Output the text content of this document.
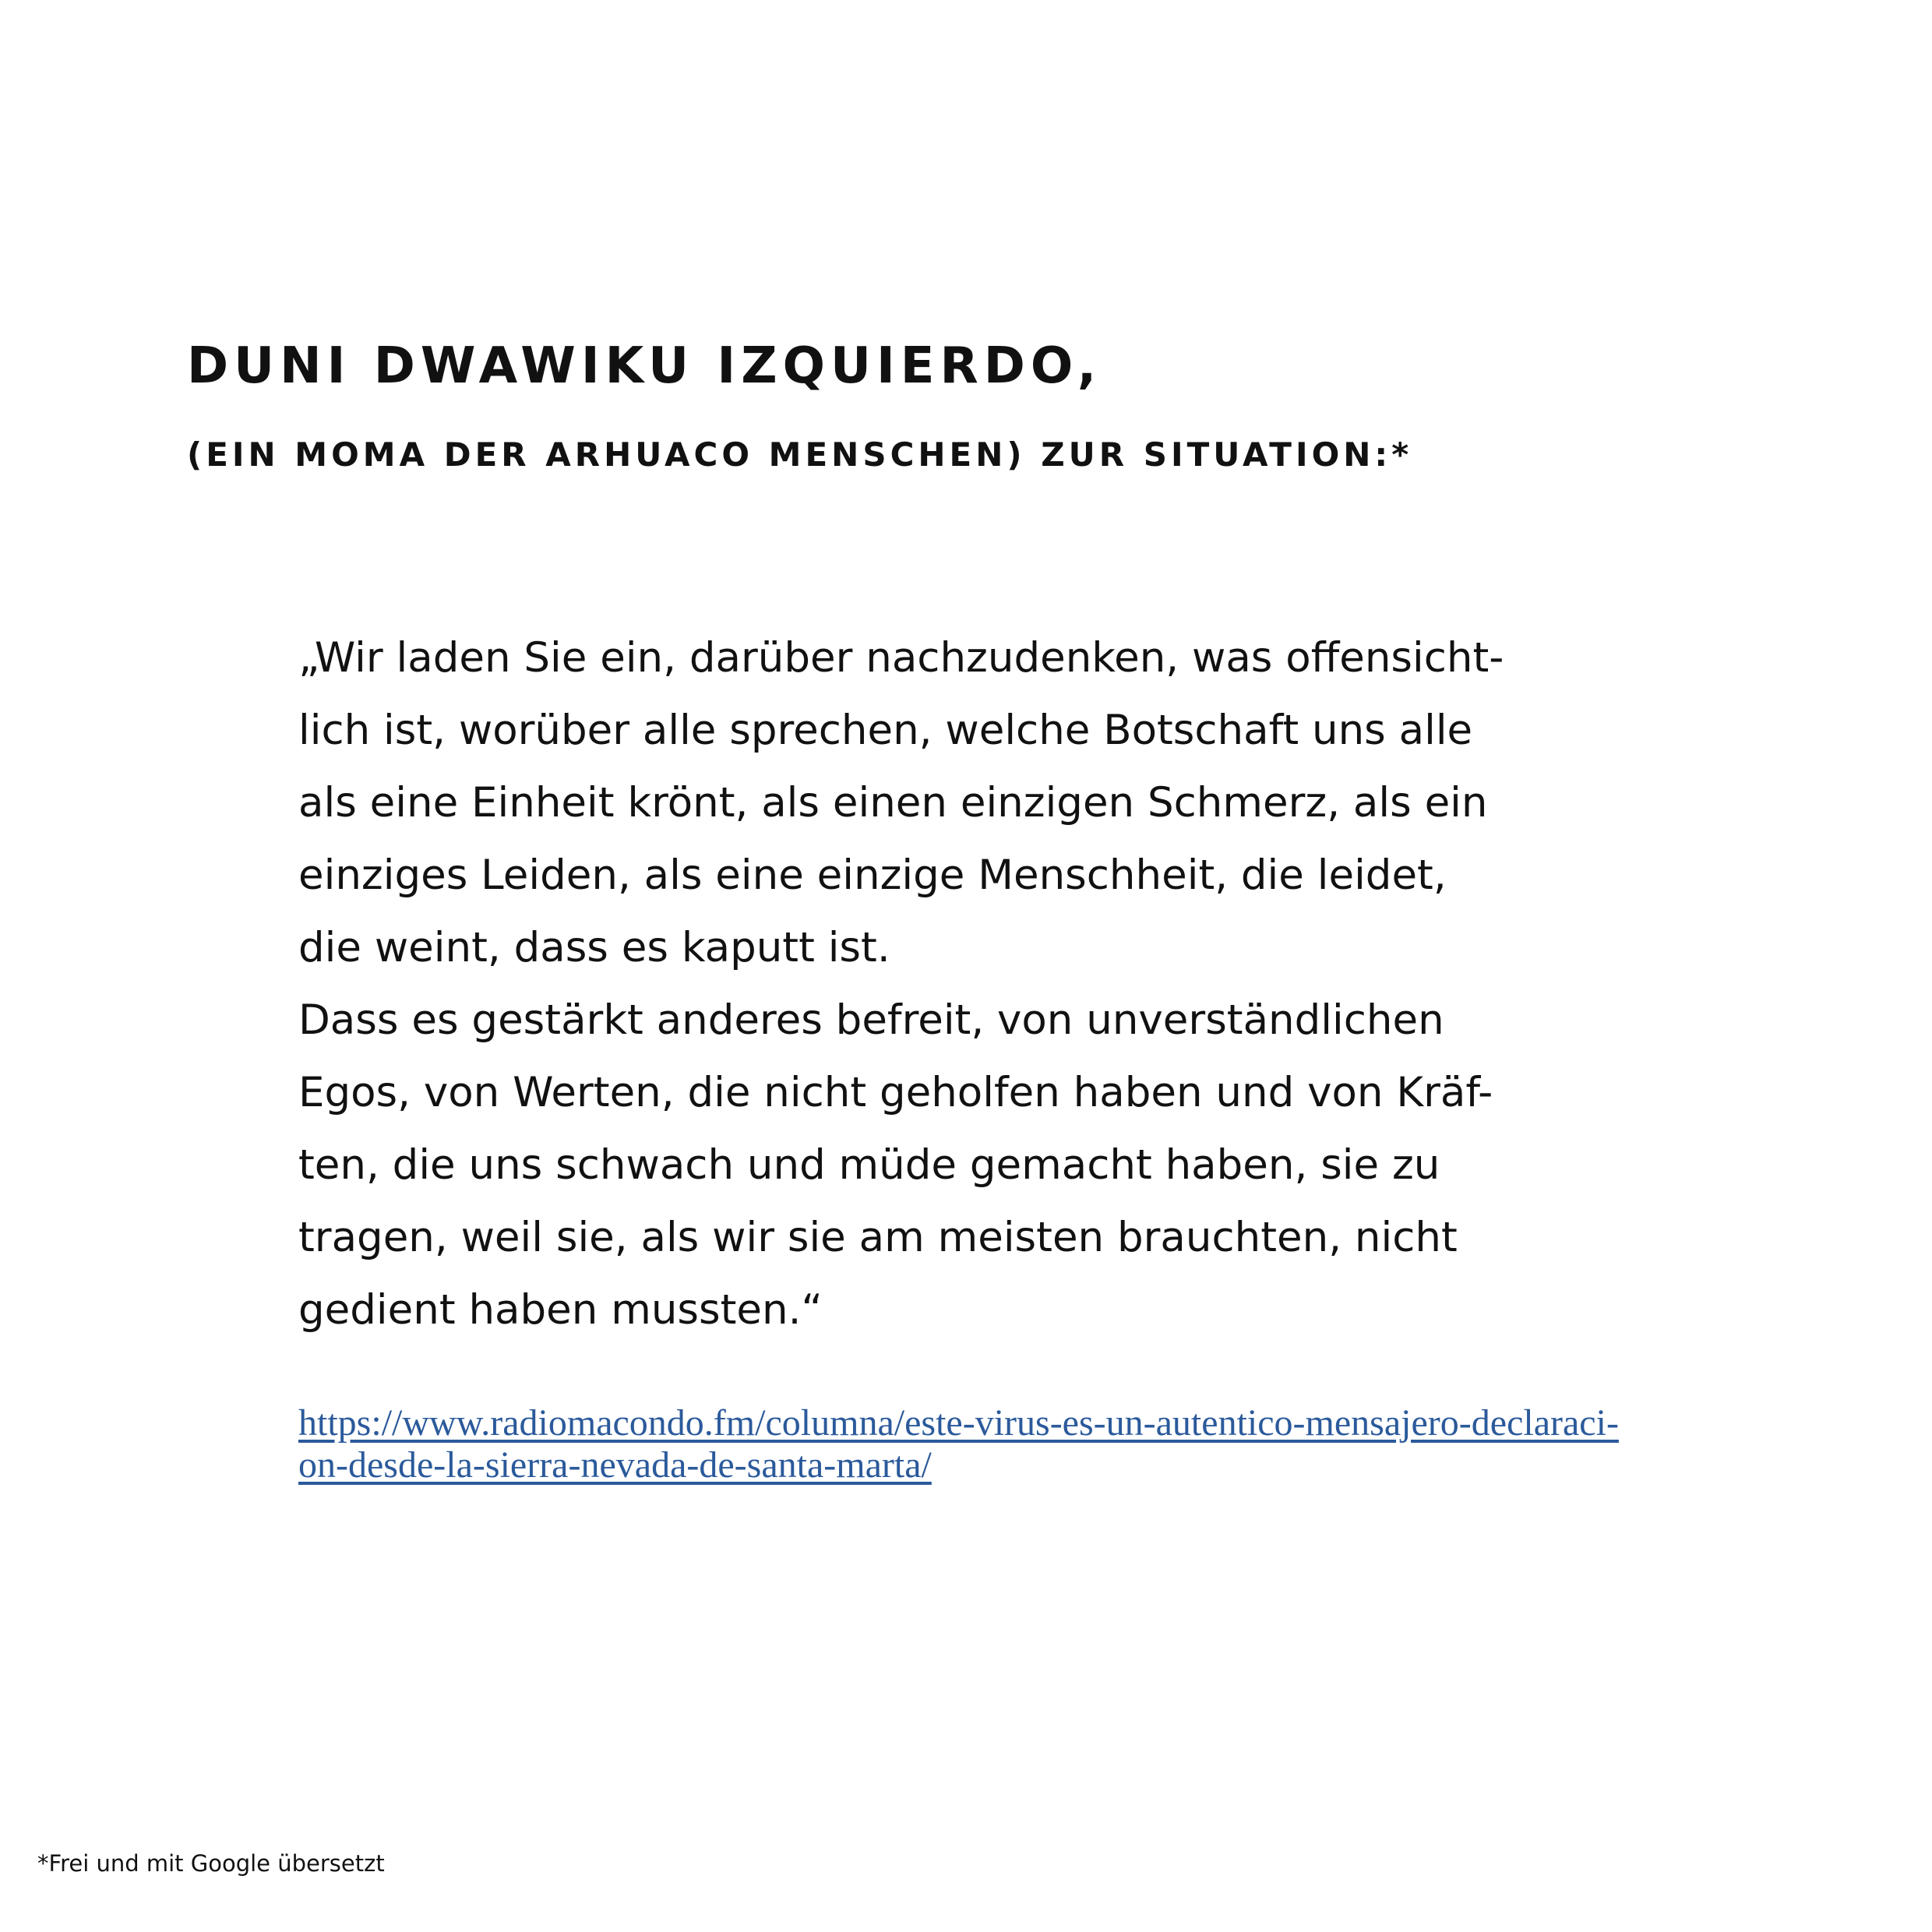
DUNI DWAWIKU IZQUIERDO,
(EIN MOMA DER ARHUACO MENSCHEN) ZUR SITUATION:*
„Wir laden Sie ein, darüber nachzudenken, was offensicht-
lich ist, worüber alle sprechen, welche Botschaft uns alle
als eine Einheit krönt, als einen einzigen Schmerz, als ein
einziges Leiden, als eine einzige Menschheit, die leidet,
die weint, dass es kaputt ist.
Dass es gestärkt anderes befreit, von unverständlichen
Egos, von Werten, die nicht geholfen haben und von Kräf-
ten, die uns schwach und müde gemacht haben, sie zu
tragen, weil sie, als wir sie am meisten brauchten, nicht
gedient haben mussten.“

https://www.radiomacondo.fm/columna/este-virus-es-un-autentico-mensajero-declaraci-
on-desde-la-sierra-nevada-de-santa-marta/

*Frei und mit Google übersetzt
